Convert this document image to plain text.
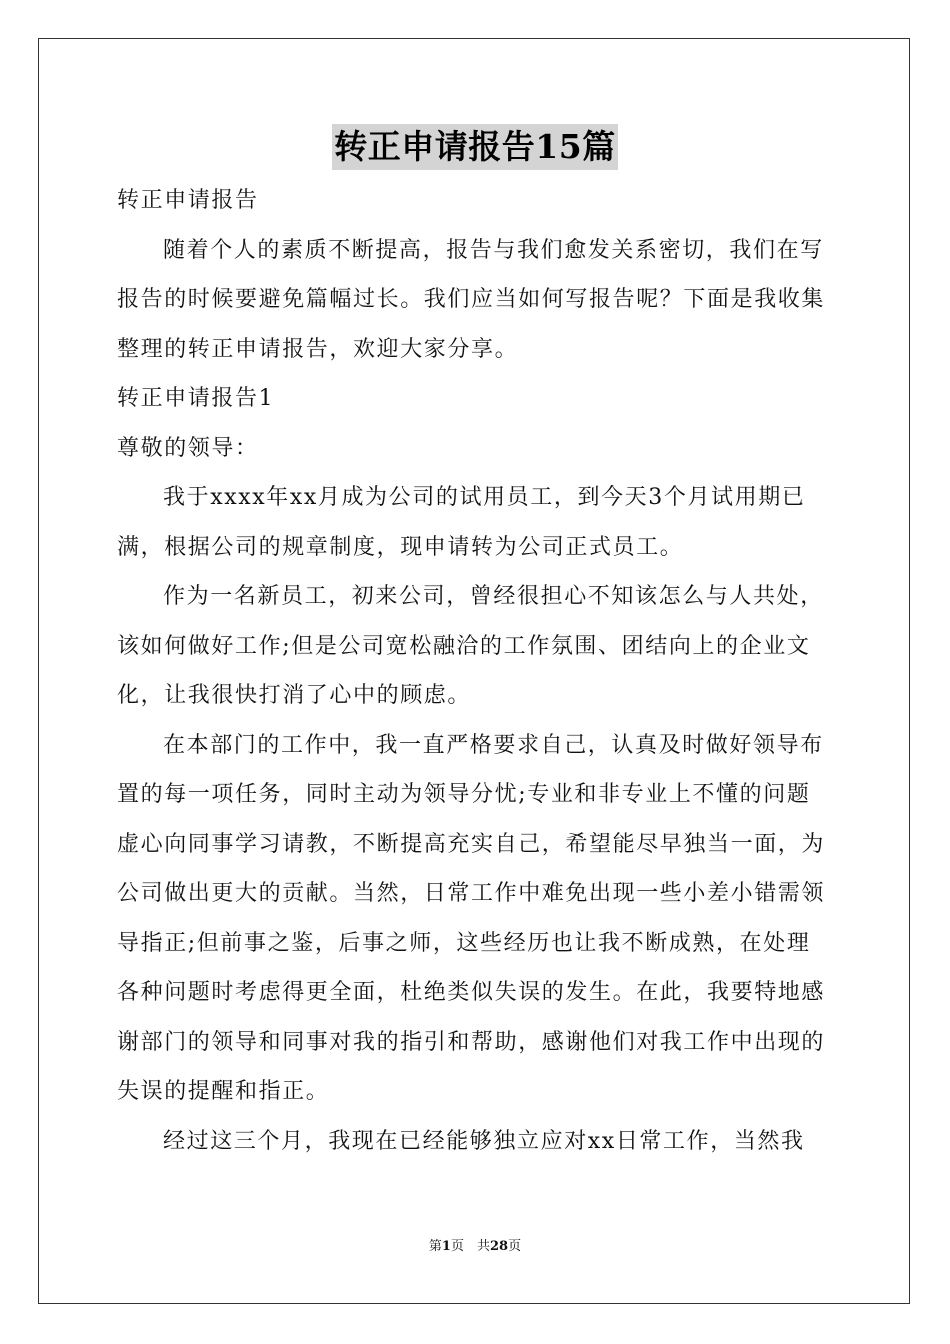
转正申请报告15篇
转正申请报告
随着个人的素质不断提高，报告与我们愈发关系密切，我们在写
报告的时候要避免篇幅过长。我们应当如何写报告呢？下面是我收集
整理的转正申请报告，欢迎大家分享。
转正申请报告1
尊敬的领导：
我于xxxx年xx月成为公司的试用员工，到今天3个月试用期已
满，根据公司的规章制度，现申请转为公司正式员工。
作为一名新员工，初来公司，曾经很担心不知该怎么与人共处，
该如何做好工作;但是公司宽松融洽的工作氛围、团结向上的企业文
化，让我很快打消了心中的顾虑。
在本部门的工作中，我一直严格要求自己，认真及时做好领导布
置的每一项任务，同时主动为领导分忧;专业和非专业上不懂的问题
虚心向同事学习请教，不断提高充实自己，希望能尽早独当一面，为
公司做出更大的贡献。当然，日常工作中难免出现一些小差小错需领
导指正;但前事之鉴，后事之师，这些经历也让我不断成熟，在处理
各种问题时考虑得更全面，杜绝类似失误的发生。在此，我要特地感
谢部门的领导和同事对我的指引和帮助，感谢他们对我工作中出现的
失误的提醒和指正。
经过这三个月，我现在已经能够独立应对xx日常工作，当然我
第1页　共28页
